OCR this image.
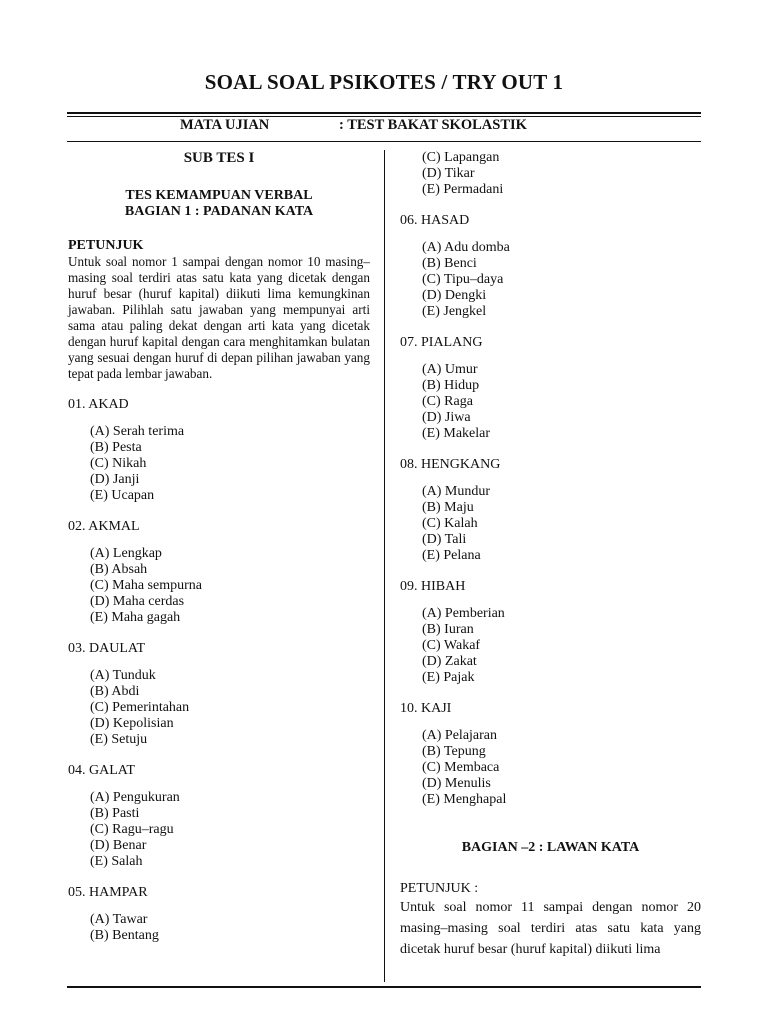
SOAL SOAL PSIKOTES / TRY OUT 1
MATA UJIAN	: TEST BAKAT SKOLASTIK
SUB TES I
TES KEMAMPUAN VERBAL
BAGIAN 1 : PADANAN KATA
PETUNJUK

Untuk soal nomor 1 sampai dengan nomor 10 masing–masing soal terdiri atas satu kata yang dicetak dengan huruf besar (huruf kapital) diikuti lima kemungkinan jawaban. Pilihlah satu jawaban yang mempunyai arti sama atau paling dekat dengan arti kata yang dicetak dengan huruf kapital dengan cara menghitamkan bulatan yang sesuai dengan huruf di depan pilihan jawaban yang tepat pada lembar jawaban.

01. AKAD
(A) Serah terima
(B) Pesta
(C) Nikah
(D) Janji
(E) Ucapan
02. AKMAL
(A) Lengkap
(B) Absah
(C) Maha sempurna
(D) Maha cerdas
(E) Maha gagah
03. DAULAT
(A) Tunduk
(B) Abdi
(C) Pemerintahan
(D) Kepolisian
(E) Setuju
04. GALAT
(A) Pengukuran
(B) Pasti
(C) Ragu–ragu
(D) Benar
(E) Salah
05. HAMPAR
(A) Tawar
(B) Bentang
(C) Lapangan
(D) Tikar
(E) Permadani
06. HASAD
(A) Adu domba
(B) Benci
(C) Tipu–daya
(D) Dengki
(E) Jengkel
07. PIALANG
(A) Umur
(B) Hidup
(C) Raga
(D) Jiwa
(E) Makelar
08. HENGKANG
(A) Mundur
(B) Maju
(C) Kalah
(D) Tali
(E) Pelana
09. HIBAH
(A) Pemberian
(B) Iuran
(C) Wakaf
(D) Zakat
(E) Pajak
10. KAJI
(A) Pelajaran
(B) Tepung
(C) Membaca
(D) Menulis
(E) Menghapal
BAGIAN –2 : LAWAN KATA
PETUNJUK :

Untuk soal nomor 11 sampai dengan nomor 20 masing–masing soal terdiri atas satu kata yang dicetak huruf besar (huruf kapital) diikuti lima
